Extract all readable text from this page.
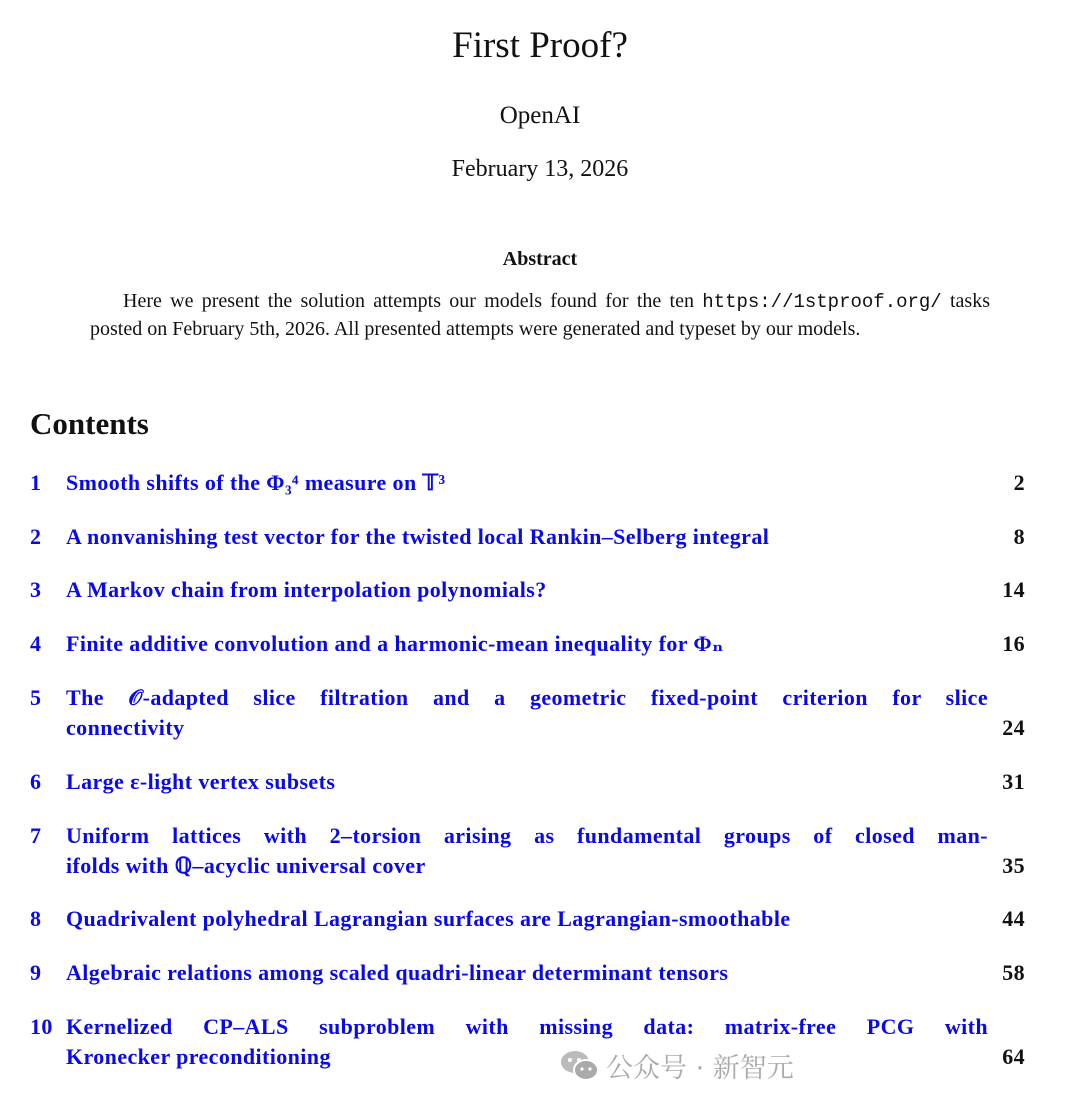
First Proof?
OpenAI
February 13, 2026
Abstract
Here we present the solution attempts our models found for the ten https://1stproof.org/ tasks posted on February 5th, 2026. All presented attempts were generated and typeset by our models.
Contents
1 Smooth shifts of the Φ₃⁴ measure on 𝕋³	2
2 A nonvanishing test vector for the twisted local Rankin–Selberg integral	8
3 A Markov chain from interpolation polynomials?	14
4 Finite additive convolution and a harmonic-mean inequality for Φₙ	16
5 The 𝒪-adapted slice filtration and a geometric fixed-point criterion for slice
connectivity	24
6 Large ε-light vertex subsets	31
7 Uniform lattices with 2–torsion arising as fundamental groups of closed man-
ifolds with ℚ–acyclic universal cover	35
8 Quadrivalent polyhedral Lagrangian surfaces are Lagrangian-smoothable	44
9 Algebraic relations among scaled quadri-linear determinant tensors	58
10 Kernelized CP–ALS subproblem with missing data: matrix-free PCG with
Kronecker preconditioning	64
公众号 · 新智元
